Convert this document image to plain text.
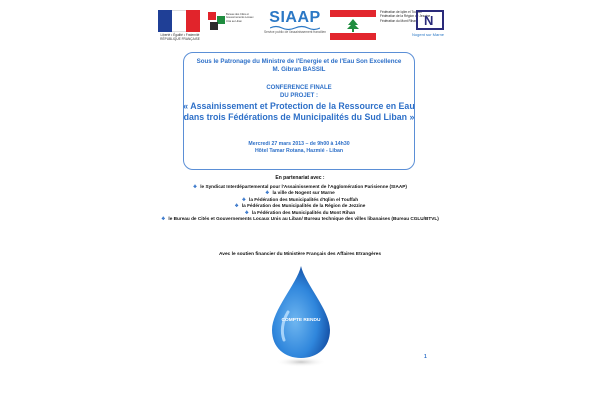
Liberté • Égalité • Fraternité
RÉPUBLIQUE FRANÇAISE
Bureau des Cités et Gouvernements Locaux Unis au Liban	SIAAP
Service public de l'assainissement francilien
Fédération de Iqlim el Touffah
Fédération de la Région de Jezzine
Fédération du Mont Rihan N
Nogent sur Marne
Sous le Patronage du Ministre de l'Energie et de l'Eau Son Excellence
M. Gibran BASSIL
CONFERENCE FINALE
DU PROJET :
« Assainissement et Protection de la Ressource en Eau dans trois Fédérations de Municipalités du Sud Liban »
Mercredi 27 mars 2013 – de 9h00 à 14h30
Hôtel Tamar Rotana, Hazmié - Liban
En partenariat avec :
❖ le Syndicat Interdépartemental pour l'Assainissement de l'Agglomération Parisienne (SIAAP)
❖ la ville de Nogent sur Marne
❖ la Fédération des Municipalités d'Iqlim el Touffah
❖ la Fédération des Municipalités de la Région de Jezzine
❖ la Fédération des Municipalités du Mont Rihan
❖ le Bureau de Cités et Gouvernements Locaux Unis au Liban/ Bureau technique des villes libanaises (Bureau CGLU/BTVL)
Avec le soutien financier du Ministère Français des Affaires Etrangères
COMPTE RENDU
1
